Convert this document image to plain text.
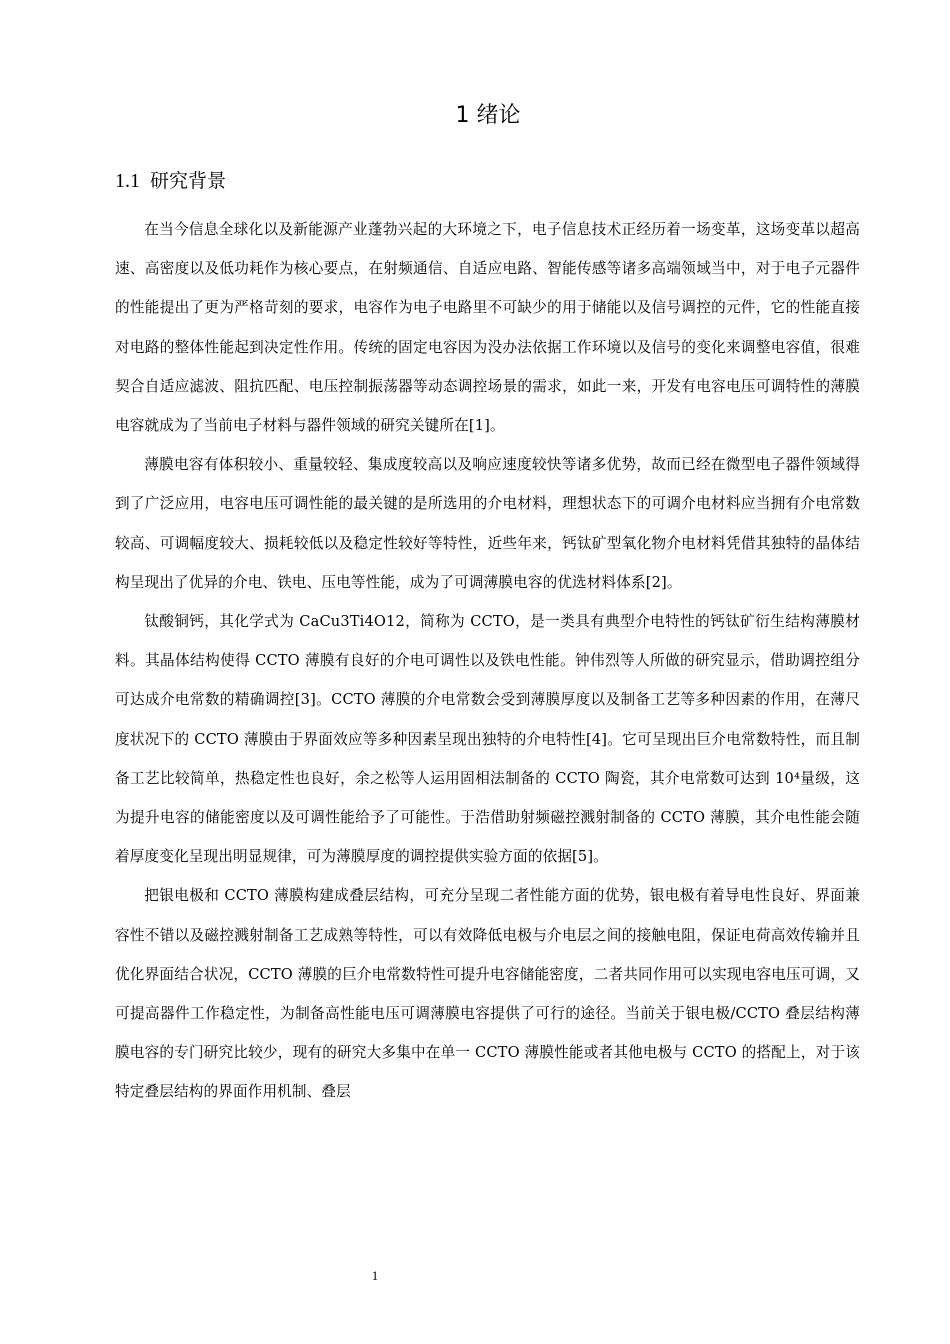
1 绪论
1.1 研究背景

在当今信息全球化以及新能源产业蓬勃兴起的大环境之下，电子信息技术正经历着一场变革，这场变革以超高速、高密度以及低功耗作为核心要点，在射频通信、自适应电路、智能传感等诸多高端领域当中，对于电子元器件的性能提出了更为严格苛刻的要求，电容作为电子电路里不可缺少的用于储能以及信号调控的元件，它的性能直接对电路的整体性能起到决定性作用。传统的固定电容因为没办法依据工作环境以及信号的变化来调整电容值，很难契合自适应滤波、阻抗匹配、电压控制振荡器等动态调控场景的需求，如此一来，开发有电容电压可调特性的薄膜电容就成为了当前电子材料与器件领域的研究关键所在[1]。

薄膜电容有体积较小、重量较轻、集成度较高以及响应速度较快等诸多优势，故而已经在微型电子器件领域得到了广泛应用，电容电压可调性能的最关键的是所选用的介电材料，理想状态下的可调介电材料应当拥有介电常数较高、可调幅度较大、损耗较低以及稳定性较好等特性，近些年来，钙钛矿型氧化物介电材料凭借其独特的晶体结构呈现出了优异的介电、铁电、压电等性能，成为了可调薄膜电容的优选材料体系[2]。

钛酸铜钙，其化学式为 CaCu3Ti4O12，简称为 CCTO，是一类具有典型介电特性的钙钛矿衍生结构薄膜材料。其晶体结构使得 CCTO 薄膜有良好的介电可调性以及铁电性能。钟伟烈等人所做的研究显示，借助调控组分可达成介电常数的精确调控[3]。CCTO 薄膜的介电常数会受到薄膜厚度以及制备工艺等多种因素的作用，在薄尺度状况下的 CCTO 薄膜由于界面效应等多种因素呈现出独特的介电特性[4]。它可呈现出巨介电常数特性，而且制备工艺比较简单，热稳定性也良好，余之松等人运用固相法制备的 CCTO 陶瓷，其介电常数可达到 10⁴量级，这为提升电容的储能密度以及可调性能给予了可能性。于浩借助射频磁控溅射制备的 CCTO 薄膜，其介电性能会随着厚度变化呈现出明显规律，可为薄膜厚度的调控提供实验方面的依据[5]。

把银电极和 CCTO 薄膜构建成叠层结构，可充分呈现二者性能方面的优势，银电极有着导电性良好、界面兼容性不错以及磁控溅射制备工艺成熟等特性，可以有效降低电极与介电层之间的接触电阻，保证电荷高效传输并且优化界面结合状况，CCTO 薄膜的巨介电常数特性可提升电容储能密度，二者共同作用可以实现电容电压可调，又可提高器件工作稳定性，为制备高性能电压可调薄膜电容提供了可行的途径。当前关于银电极/CCTO 叠层结构薄膜电容的专门研究比较少，现有的研究大多集中在单一 CCTO 薄膜性能或者其他电极与 CCTO 的搭配上，对于该特定叠层结构的界面作用机制、叠层

1
